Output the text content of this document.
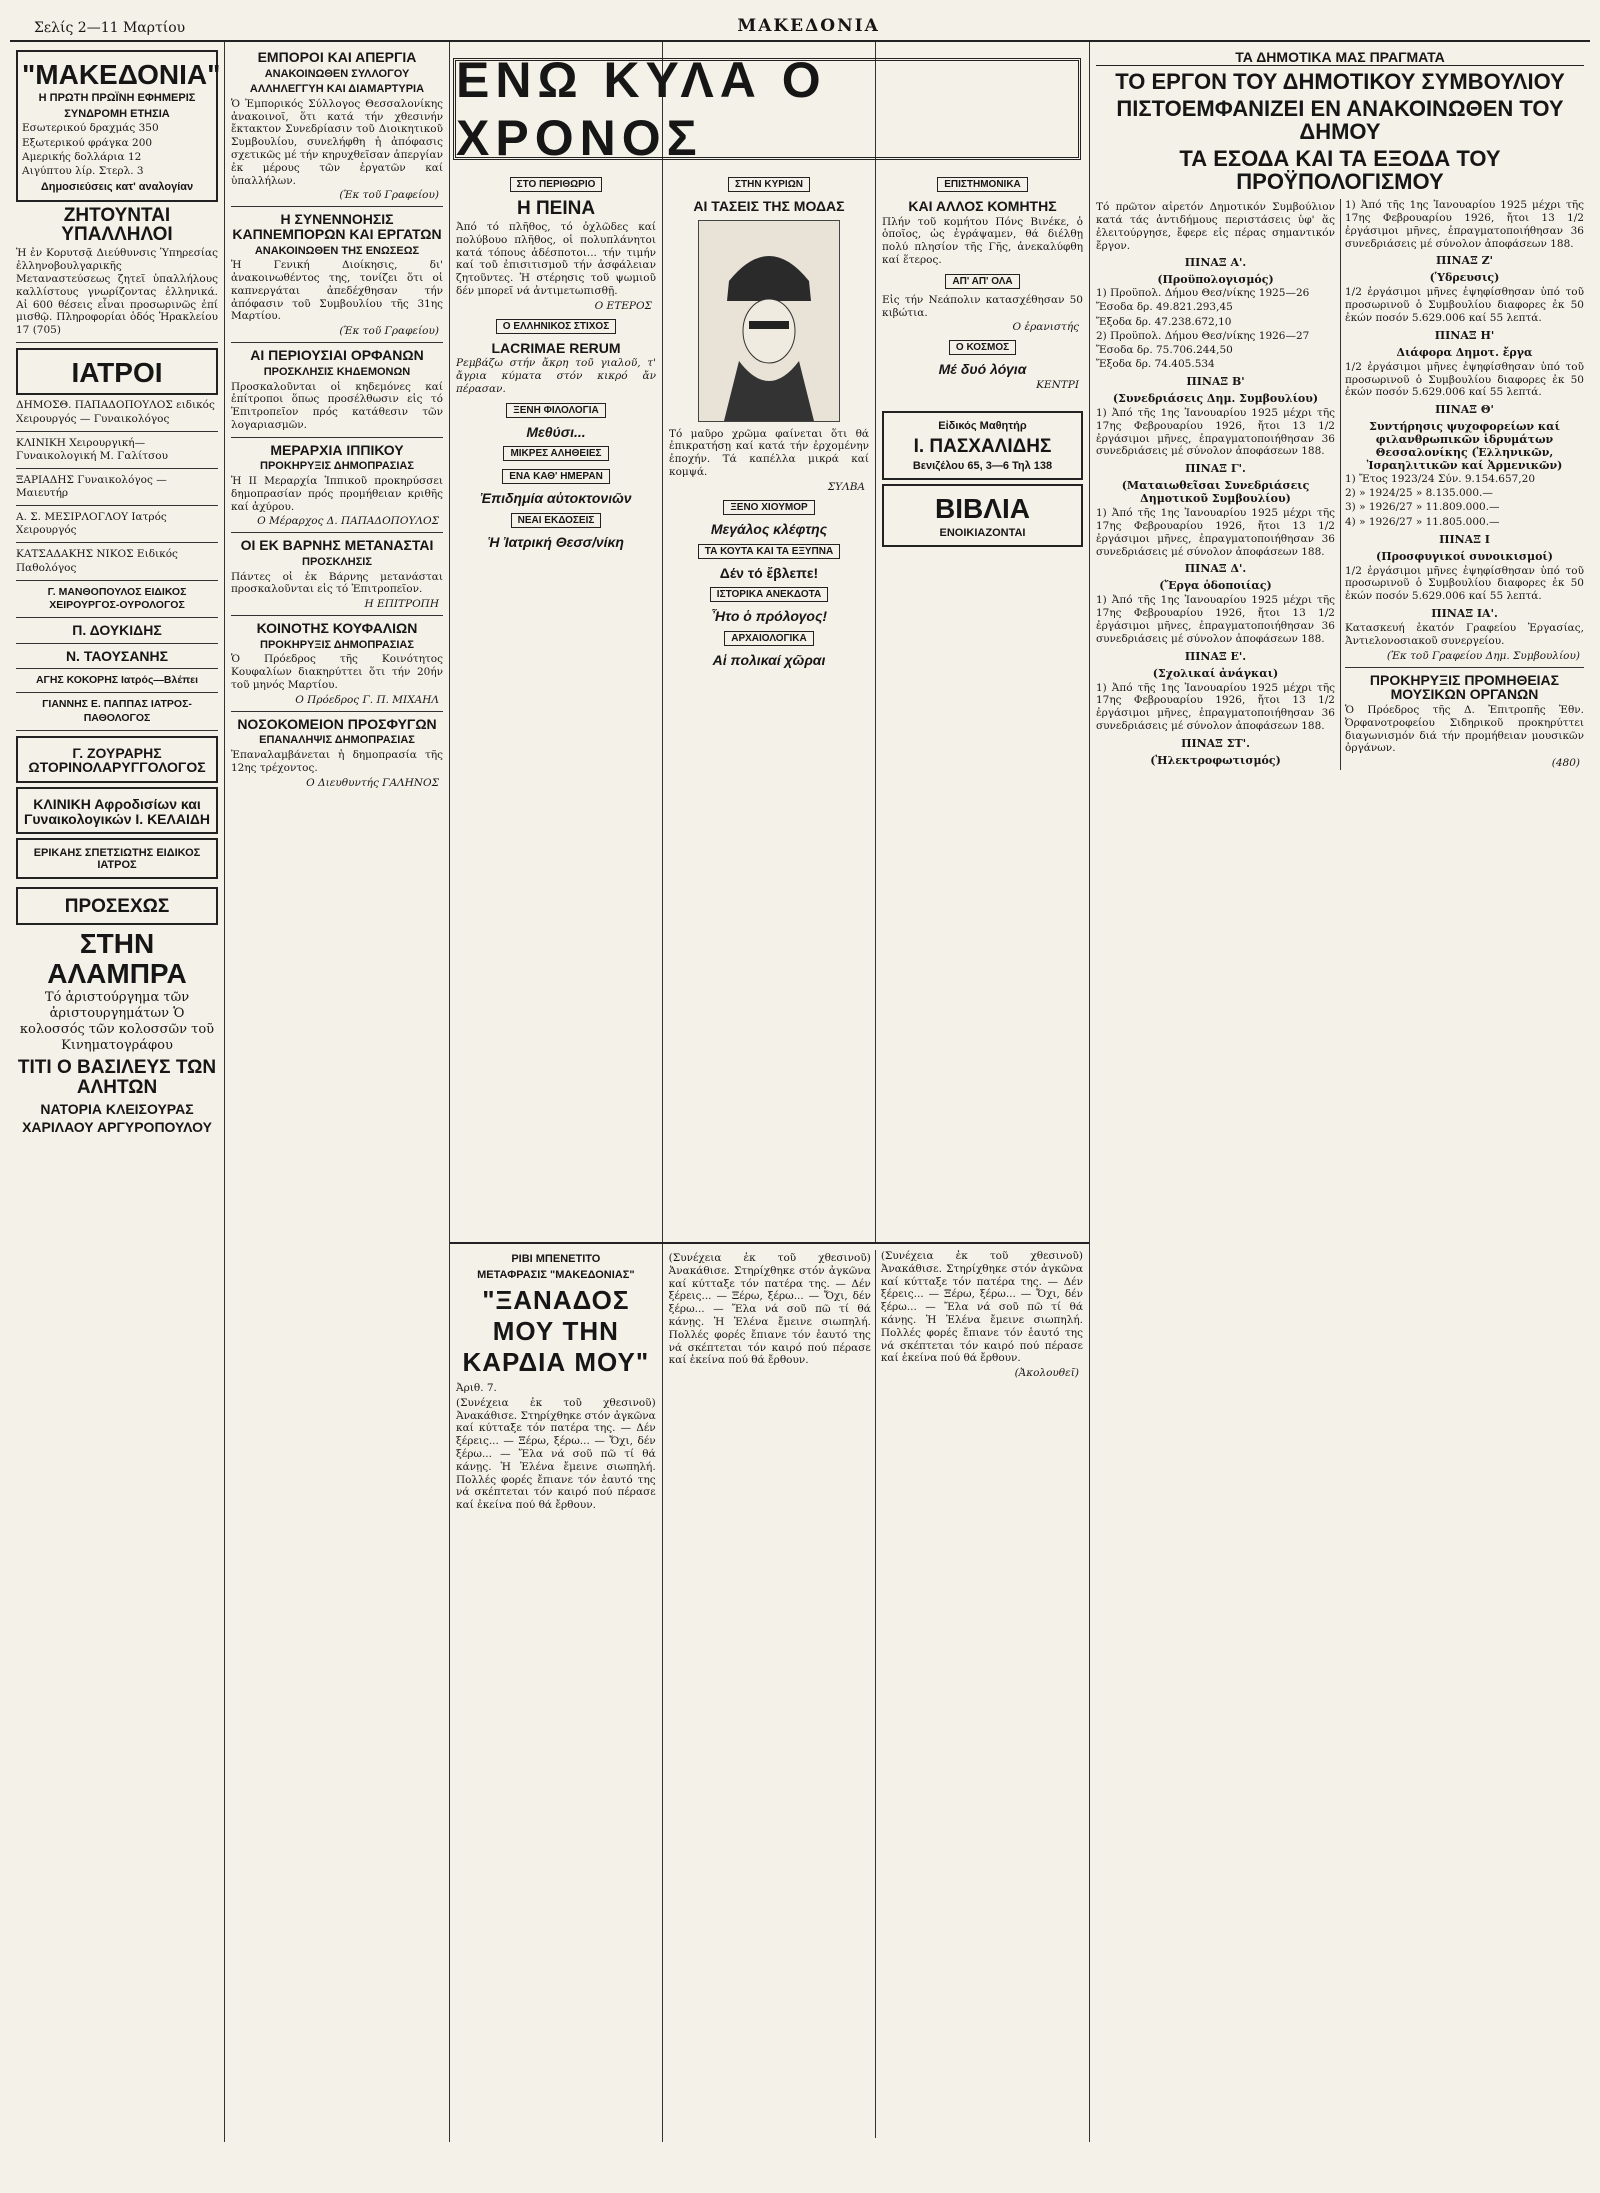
Σελίς 2—11 Μαρτίου	ΜΑΚΕΔΟΝΙΑ
"ΜΑΚΕΔΟΝΙΑ"
Η ΠΡΩΤΗ ΠΡΩΪΝΗ ΕΦΗΜΕΡΙΣ
ΣΥΝΔΡΟΜΗ ΕΤΗΣΙΑ
Εσωτερικού δραχμάς 350
Εξωτερικού φράγκα 200
Αμερικής δολλάρια 12
Αιγύπτου λίρ. Στερλ. 3
Δημοσιεύσεις κατ' αναλογίαν
ΖΗΤΟΥΝΤΑΙ ΥΠΑΛΛΗΛΟΙ
Ἡ ἐν Κορυτσᾷ Διεύθυνσις Ὑπηρεσίας ἐλληνοβουλγαρικῆς Μεταναστεύσεως ζητεῖ ὑπαλλήλους καλλίστους γνωρίζοντας ἐλληνικά. Αἱ 600 θέσεις εἶναι προσωρινῶς ἐπί μισθῷ. Πληροφορίαι ὁδός Ἡρακλείου 17 (705)
ΙΑΤΡΟΙ
ΔΗΜΟΣΘ. ΠΑΠΑΔΟΠΟΥΛΟΣ ειδικός Χειρουργός — Γυναικολόγος
ΚΛΙΝΙΚΗ Χειρουργική—Γυναικολογική Μ. Γαλίτσου
ΞΑΡΙΑΔΗΣ Γυναικολόγος — Μαιευτήρ
Α. Σ. ΜΕΣΙΡΛΟΓΛΟΥ Ιατρός Χειρουργός
ΚΑΤΣΑΔΑΚΗΣ ΝΙΚΟΣ Ειδικός Παθολόγος
Γ. ΜΑΝΘΟΠΟΥΛΟΣ ΕΙΔΙΚΟΣ ΧΕΙΡΟΥΡΓΟΣ-ΟΥΡΟΛΟΓΟΣ
Π. ΔΟΥΚΙΔΗΣ
Ν. ΤΑΟΥΣΑΝΗΣ
ΑΓΗΣ ΚΟΚΟΡΗΣ Ιατρός—Βλέπει
ΓΙΑΝΝΗΣ Ε. ΠΑΠΠΑΣ ΙΑΤΡΟΣ-ΠΑΘΟΛΟΓΟΣ
Γ. ΖΟΥΡΑΡΗΣ ΩΤΟΡΙΝΟΛΑΡΥΓΓΟΛΟΓΟΣ
ΚΛΙΝΙΚΗ Αφροδισίων και Γυναικολογικών Ι. ΚΕΛΑΙΔΗ
ΕΡΙΚΑΗΣ ΣΠΕΤΣΙΩΤΗΣ ΕΙΔΙΚΟΣ ΙΑΤΡΟΣ
ΠΡΟΣΕΧΩΣ
ΣΤΗΝ ΑΛΑΜΠΡΑ
Τό ἀριστούργημα τῶν ἀριστουργημάτων Ὁ κολοσσός τῶν κολοσσῶν τοῦ Κινηματογράφου
ΤΙΤΙ Ο ΒΑΣΙΛΕΥΣ ΤΩΝ ΑΛΗΤΩΝ
ΝΑΤΟΡΙΑ ΚΛΕΙΣΟΥΡΑΣ
ΧΑΡΙΛΑΟΥ ΑΡΓΥΡΟΠΟΥΛΟΥ
ΕΜΠΟΡΟΙ ΚΑΙ ΑΠΕΡΓΙΑ
ΑΝΑΚΟΙΝΩΘΕΝ ΣΥΛΛΟΓΟΥ
ΑΛΛΗΛΕΓΓΥΗ ΚΑΙ ΔΙΑΜΑΡΤΥΡΙΑ
Ὁ Ἐμπορικός Σύλλογος Θεσσαλονίκης ἀνακοινοῖ, ὅτι κατά τήν χθεσινήν ἔκτακτον Συνεδρίασιν τοῦ Διοικητικοῦ Συμβουλίου, συνελήφθη ἡ ἀπόφασις σχετικῶς μέ τήν κηρυχθεῖσαν ἀπεργίαν ἐκ μέρους τῶν ἐργατῶν καί ὑπαλλήλων.
(Ἐκ τοῦ Γραφείου)
Η ΣΥΝΕΝΝΟΗΣΙΣ ΚΑΠΝΕΜΠΟΡΩΝ ΚΑΙ ΕΡΓΑΤΩΝ
ΑΝΑΚΟΙΝΩΘΕΝ ΤΗΣ ΕΝΩΣΕΩΣ
Ἡ Γενική Διοίκησις, δι' ἀνακοινωθέντος της, τονίζει ὅτι οἱ καπνεργάται ἀπεδέχθησαν τήν ἀπόφασιν τοῦ Συμβουλίου τῆς 31ης Μαρτίου.
(Ἐκ τοῦ Γραφείου)
ΑΙ ΠΕΡΙΟΥΣΙΑΙ ΟΡΦΑΝΩΝ
ΠΡΟΣΚΛΗΣΙΣ ΚΗΔΕΜΟΝΩΝ
Προσκαλοῦνται οἱ κηδεμόνες καί ἐπίτροποι ὅπως προσέλθωσιν εἰς τό Ἐπιτροπεῖον πρός κατάθεσιν τῶν λογαριασμῶν.
ΜΕΡΑΡΧΙΑ ΙΠΠΙΚΟΥ
ΠΡΟΚΗΡΥΞΙΣ ΔΗΜΟΠΡΑΣΙΑΣ
Ἡ ΙΙ Μεραρχία Ἱππικοῦ προκηρύσσει δημοπρασίαν πρός προμήθειαν κριθῆς καί ἀχύρου.
Ο Μέραρχος Δ. ΠΑΠΑΔΟΠΟΥΛΟΣ
ΟΙ ΕΚ ΒΑΡΝΗΣ ΜΕΤΑΝΑΣΤΑΙ
ΠΡΟΣΚΛΗΣΙΣ
Πάντες οἱ ἐκ Βάρνης μετανάσται προσκαλοῦνται εἰς τό Ἐπιτροπεῖον.
Η ΕΠΙΤΡΟΠΗ
ΚΟΙΝΟΤΗΣ ΚΟΥΦΑΛΙΩΝ
ΠΡΟΚΗΡΥΞΙΣ ΔΗΜΟΠΡΑΣΙΑΣ
Ὁ Πρόεδρος τῆς Κοινότητος Κουφαλίων διακηρύττει ὅτι τήν 20ήν τοῦ μηνός Μαρτίου.
Ο Πρόεδρος Γ. Π. ΜΙΧΑΗΛ
ΝΟΣΟΚΟΜΕΙΟΝ ΠΡΟΣΦΥΓΩΝ
ΕΠΑΝΑΛΗΨΙΣ ΔΗΜΟΠΡΑΣΙΑΣ
Ἐπαναλαμβάνεται ἡ δημοπρασία τῆς 12ης τρέχοντος.
Ο Διευθυντής ΓΑΛΗΝΟΣ
ΣΤΟ ΠΕΡΙΘΩΡΙΟ
Η ΠΕΙΝΑ
Ἀπό τό πλῆθος, τό ὀχλῶδες καί πολύβουο πλῆθος, οἱ πολυπλάνητοι κατά τόπους ἀδέσποτοι... τήν τιμήν καί τοῦ ἐπισιτισμοῦ τήν ἀσφάλειαν ζητοῦντες. Ἡ στέρησις τοῦ ψωμιοῦ δέν μπορεῖ νά ἀντιμετωπισθῇ.
Ο ΕΤΕΡΟΣ
Ο ΕΛΛΗΝΙΚΟΣ ΣΤΙΧΟΣ
LACRIMAE RERUM
Ρεμβάζω στήν ἄκρη τοῦ γιαλοῦ, τ' ἄγρια κύματα στόν κικρό ἄν πέρασαν.
ΞΕΝΗ ΦΙΛΟΛΟΓΙΑ
Μεθύσι...
ΜΙΚΡΕΣ ΑΛΗΘΕΙΕΣ
ΕΝΑ ΚΑΘ' ΗΜΕΡΑΝ
Ἐπιδημία αὐτοκτονιῶν
ΝΕΑΙ ΕΚΔΟΣΕΙΣ
Ἡ Ἰατρική Θεσσ/νίκη
ΣΤΗΝ ΚΥΡΙΩΝ
ΑΙ ΤΑΣΕΙΣ ΤΗΣ ΜΟΔΑΣ
Τό μαῦρο χρῶμα φαίνεται ὅτι θά ἐπικρατήσῃ καί κατά τήν ἐρχομένην ἐποχήν. Τά καπέλλα μικρά καί κομψά.
ΣΥΛΒΑ
ΞΕΝΟ ΧΙΟΥΜΟΡ
Μεγάλος κλέφτης
ΤΑ ΚΟΥΤΑ ΚΑΙ ΤΑ ΕΞΥΠΝΑ
Δέν τό ἔβλεπε!
ΙΣΤΟΡΙΚΑ ΑΝΕΚΔΟΤΑ
Ἦτο ὁ πρόλογος!
ΑΡΧΑΙΟΛΟΓΙΚΑ
Αἱ πολικαί χῶραι
ΕΠΙΣΤΗΜΟΝΙΚΑ
ΚΑΙ ΑΛΛΟΣ ΚΟΜΗΤΗΣ
Πλήν τοῦ κομήτου Πόνς Βινέκε, ὁ ὁποῖος, ὡς ἐγράψαμεν, θά διέλθῃ πολύ πλησίον τῆς Γῆς, ἀνεκαλύφθη καί ἕτερος.
ΑΠ' ΑΠ' ΟΛΑ
Εἰς τήν Νεάπολιν κατασχέθησαν 50 κιβώτια.
Ο ἐρανιστής
Ο ΚΟΣΜΟΣ
Μέ δυό λόγια
ΚΕΝΤΡΙ
Εἰδικός Μαθητήρ
Ι. ΠΑΣΧΑΛΙΔΗΣ
Βενιζέλου 65, 3—6 Τηλ 138
ΒΙΒΛΙΑ
ΕΝΟΙΚΙΑΖΟΝΤΑΙ
ΡΙΒΙ ΜΠΕΝΕΤΙΤΟ
ΜΕΤΑΦΡΑΣΙΣ "ΜΑΚΕΔΟΝΙΑΣ"
"ΞΑΝΑΔΟΣ ΜΟΥ ΤΗΝ ΚΑΡΔΙΑ ΜΟΥ"
Ἀριθ. 7.
(Συνέχεια ἐκ τοῦ χθεσινοῦ) Ἀνακάθισε. Στηρίχθηκε στόν ἀγκῶνα καί κύτταξε τόν πατέρα της. — Δέν ξέρεις... — Ξέρω, ξέρω... — Ὄχι, δέν ξέρω... — Ἔλα νά σοῦ πῶ τί θά κάνῃς. Ἡ Ἐλένα ἔμεινε σιωπηλή. Πολλές φορές ἔπιανε τόν ἑαυτό της νά σκέπτεται τόν καιρό πού πέρασε καί ἐκείνα πού θά ἔρθουν.
(Συνέχεια ἐκ τοῦ χθεσινοῦ) Ἀνακάθισε. Στηρίχθηκε στόν ἀγκῶνα καί κύτταξε τόν πατέρα της. — Δέν ξέρεις... — Ξέρω, ξέρω... — Ὄχι, δέν ξέρω... — Ἔλα νά σοῦ πῶ τί θά κάνῃς. Ἡ Ἐλένα ἔμεινε σιωπηλή. Πολλές φορές ἔπιανε τόν ἑαυτό της νά σκέπτεται τόν καιρό πού πέρασε καί ἐκείνα πού θά ἔρθουν.
(Συνέχεια ἐκ τοῦ χθεσινοῦ) Ἀνακάθισε. Στηρίχθηκε στόν ἀγκῶνα καί κύτταξε τόν πατέρα της. — Δέν ξέρεις... — Ξέρω, ξέρω... — Ὄχι, δέν ξέρω... — Ἔλα νά σοῦ πῶ τί θά κάνῃς. Ἡ Ἐλένα ἔμεινε σιωπηλή. Πολλές φορές ἔπιανε τόν ἑαυτό της νά σκέπτεται τόν καιρό πού πέρασε καί ἐκείνα πού θά ἔρθουν.
(Ἀκολουθεῖ)
ΤΑ ΔΗΜΟΤΙΚΑ ΜΑΣ ΠΡΑΓΜΑΤΑ
ΤΟ ΕΡΓΟΝ ΤΟΥ ΔΗΜΟΤΙΚΟΥ ΣΥΜΒΟΥΛΙΟΥ
ΠΙΣΤΟΕΜΦΑΝΙΖΕΙ ΕΝ ΑΝΑΚΟΙΝΩΘΕΝ ΤΟΥ ΔΗΜΟΥ
ΤΑ ΕΣΟΔΑ ΚΑΙ ΤΑ ΕΞΟΔΑ ΤΟΥ ΠΡΟΫΠΟΛΟΓΙΣΜΟΥ
Τό πρῶτον αἱρετόν Δημοτικόν Συμβούλιον κατά τάς ἀντιδήμους περιστάσεις ὑφ' ἅς ἐλειτούργησε, ἔφερε εἰς πέρας σημαντικόν ἔργον.
ΠΙΝΑΞ Α'.
(Προϋπολογισμός)
1) Προϋπολ. Δήμου Θεσ/νίκης 1925—26
Ἔσοδα δρ. 49.821.293,45
Ἔξοδα δρ. 47.238.672,10
2) Προϋπολ. Δήμου Θεσ/νίκης 1926—27
Ἔσοδα δρ. 75.706.244,50
Ἔξοδα δρ. 74.405.534
ΠΙΝΑΞ Β'
(Συνεδριάσεις Δημ. Συμβουλίου)
1) Ἀπό τῆς 1ης Ἰανουαρίου 1925 μέχρι τῆς 17ης Φεβρουαρίου 1926, ἤτοι 13 1/2 ἐργάσιμοι μῆνες, ἐπραγματοποιήθησαν 36 συνεδριάσεις μέ σύνολον ἀποφάσεων 188.
ΠΙΝΑΞ Γ'.
(Ματαιωθεῖσαι Συνεδριάσεις Δημοτικοῦ Συμβουλίου)
1) Ἀπό τῆς 1ης Ἰανουαρίου 1925 μέχρι τῆς 17ης Φεβρουαρίου 1926, ἤτοι 13 1/2 ἐργάσιμοι μῆνες, ἐπραγματοποιήθησαν 36 συνεδριάσεις μέ σύνολον ἀποφάσεων 188.
ΠΙΝΑΞ Δ'.
(Ἔργα ὁδοποιίας)
1) Ἀπό τῆς 1ης Ἰανουαρίου 1925 μέχρι τῆς 17ης Φεβρουαρίου 1926, ἤτοι 13 1/2 ἐργάσιμοι μῆνες, ἐπραγματοποιήθησαν 36 συνεδριάσεις μέ σύνολον ἀποφάσεων 188.
ΠΙΝΑΞ Ε'.
(Σχολικαί ἀνάγκαι)
1) Ἀπό τῆς 1ης Ἰανουαρίου 1925 μέχρι τῆς 17ης Φεβρουαρίου 1926, ἤτοι 13 1/2 ἐργάσιμοι μῆνες, ἐπραγματοποιήθησαν 36 συνεδριάσεις μέ σύνολον ἀποφάσεων 188.
ΠΙΝΑΞ ΣΤ'.
(Ἠλεκτροφωτισμός)
1) Ἀπό τῆς 1ης Ἰανουαρίου 1925 μέχρι τῆς 17ης Φεβρουαρίου 1926, ἤτοι 13 1/2 ἐργάσιμοι μῆνες, ἐπραγματοποιήθησαν 36 συνεδριάσεις μέ σύνολον ἀποφάσεων 188.
ΠΙΝΑΞ Ζ'
(Ὑδρευσις)
1/2 ἐργάσιμοι μῆνες ἐψηφίσθησαν ὑπό τοῦ προσωρινοῦ ὁ Συμβουλίου διαφορες ἐκ 50 ἐκών ποσόν 5.629.006 καί 55 λεπτά.
ΠΙΝΑΞ Η'
Διάφορα Δημοτ. ἔργα
1/2 ἐργάσιμοι μῆνες ἐψηφίσθησαν ὑπό τοῦ προσωρινοῦ ὁ Συμβουλίου διαφορες ἐκ 50 ἐκών ποσόν 5.629.006 καί 55 λεπτά.
ΠΙΝΑΞ Θ'
Συντήρησις ψυχοφορείων καί φιλανθρωπικῶν ἱδρυμάτων Θεσσαλονίκης (Ἑλληνικῶν, Ἰσραηλιτικῶν καί Ἀρμενικῶν)
1) Ἔτος 1923/24 Σύν. 9.154.657,20
2) » 1924/25 » 8.135.000.—
3) » 1926/27 » 11.809.000.—
4) » 1926/27 » 11.805.000.—
ΠΙΝΑΞ Ι
(Προσφυγικοί συνοικισμοί)
1/2 ἐργάσιμοι μῆνες ἐψηφίσθησαν ὑπό τοῦ προσωρινοῦ ὁ Συμβουλίου διαφορες ἐκ 50 ἐκών ποσόν 5.629.006 καί 55 λεπτά.
ΠΙΝΑΞ ΙΑ'.
Κατασκευή ἑκατόν Γραφείου Ἐργασίας, Ἀντιελονοσιακοῦ συνεργείου.
(Ἐκ τοῦ Γραφείου Δημ. Συμβουλίου)
ΠΡΟΚΗΡΥΞΙΣ ΠΡΟΜΗΘΕΙΑΣ ΜΟΥΣΙΚΩΝ ΟΡΓΑΝΩΝ
Ὁ Πρόεδρος τῆς Δ. Ἐπιτροπῆς Ἐθν. Ὀρφανοτροφείου Σιδηρικοῦ προκηρύττει διαγωνισμόν διά τήν προμήθειαν μουσικῶν ὀργάνων.
(480)
ΕΝΩ ΚΥΛΑ Ο ΧΡΟΝΟΣ
